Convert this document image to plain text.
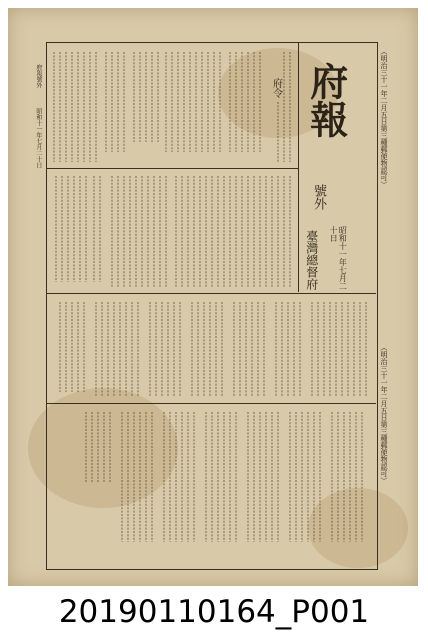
（明治三十一年二月五日第三種郵便物認可）
（明治三十一年二月五日第三種郵便物認可）
府報號外
昭和十一年七月二十日	府報
號外
昭和十一年七月二十日
臺灣總督府
府令
20190110164_P001
